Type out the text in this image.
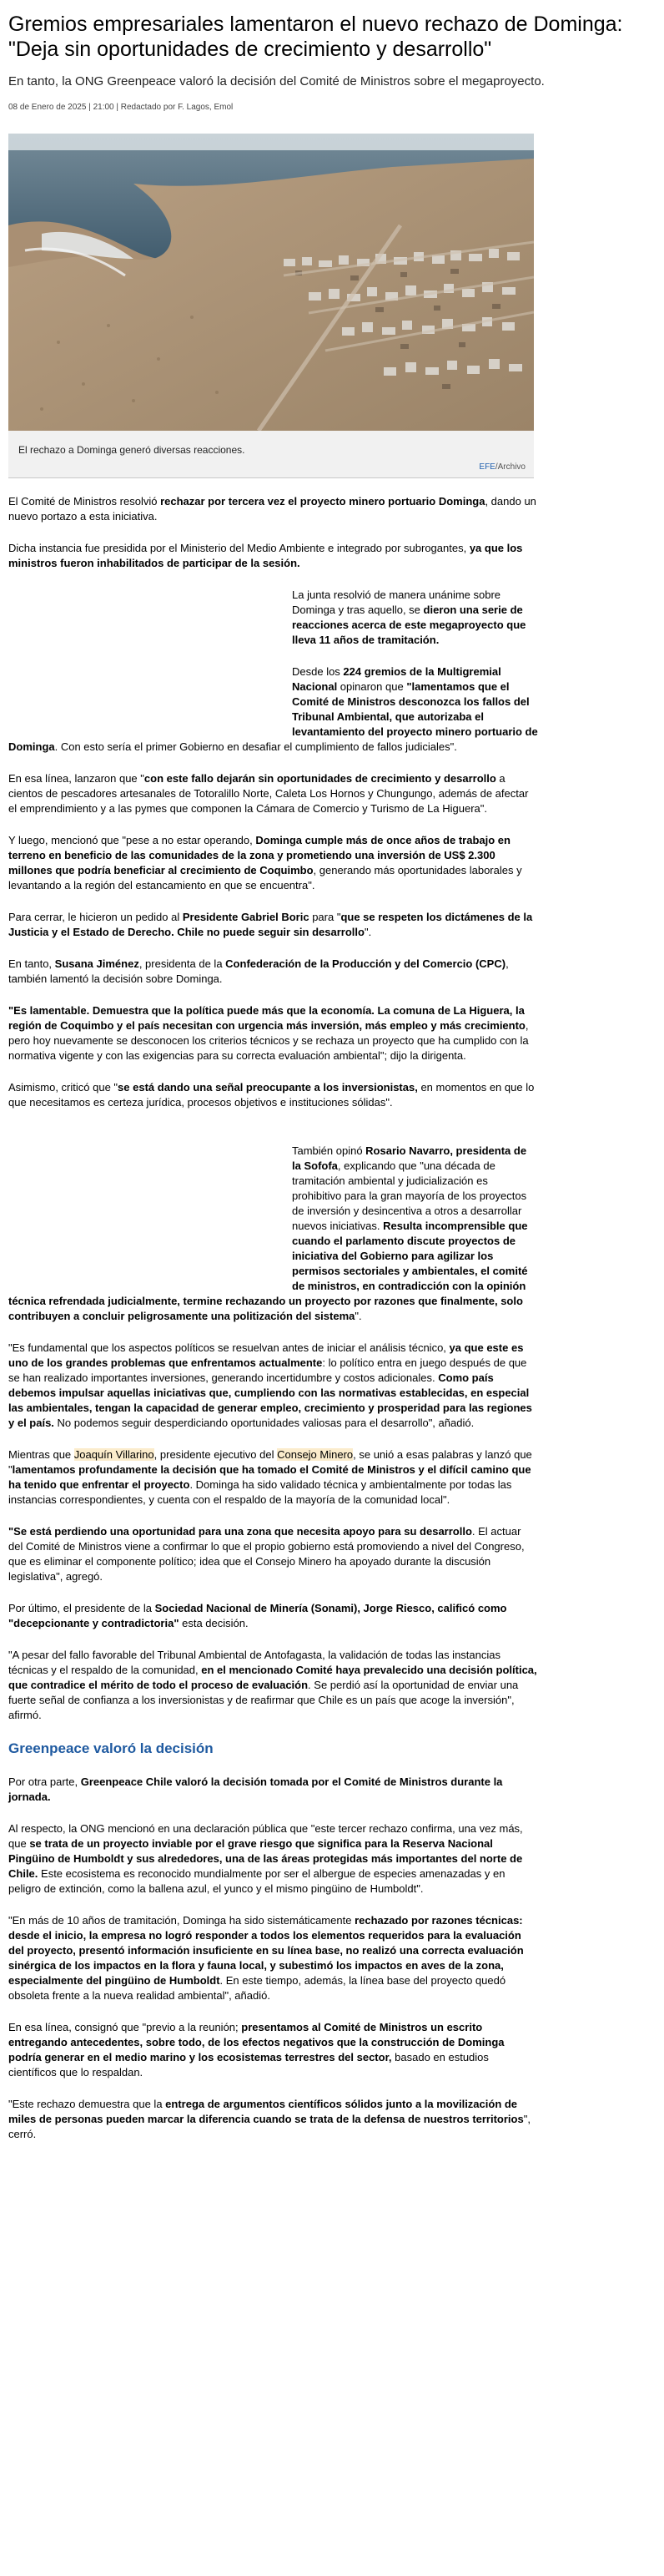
Gremios empresariales lamentaron el nuevo rechazo de Dominga: "Deja sin oportunidades de crecimiento y desarrollo"

En tanto, la ONG Greenpeace valoró la decisión del Comité de Ministros sobre el megaproyecto.

08 de Enero de 2025 | 21:00 | Redactado por F. Lagos, Emol
El rechazo a Dominga generó diversas reacciones.
EFE/Archivo

El Comité de Ministros resolvió rechazar por tercera vez el proyecto minero portuario Dominga, dando un nuevo portazo a esta iniciativa.

Dicha instancia fue presidida por el Ministerio del Medio Ambiente e integrado por subrogantes, ya que los ministros fueron inhabilitados de participar de la sesión.

La junta resolvió de manera unánime sobre Dominga y tras aquello, se dieron una serie de reacciones acerca de este megaproyecto que lleva 11 años de tramitación.

Desde los 224 gremios de la Multigremial Nacional opinaron que "lamentamos que el Comité de Ministros desconozca los fallos del Tribunal Ambiental, que autorizaba el levantamiento del proyecto minero portuario de Dominga. Con esto sería el primer Gobierno en desafiar el cumplimiento de fallos judiciales".

En esa línea, lanzaron que "con este fallo dejarán sin oportunidades de crecimiento y desarrollo a cientos de pescadores artesanales de Totoralillo Norte, Caleta Los Hornos y Chungungo, además de afectar el emprendimiento y a las pymes que componen la Cámara de Comercio y Turismo de La Higuera".

Y luego, mencionó que "pese a no estar operando, Dominga cumple más de once años de trabajo en terreno en beneficio de las comunidades de la zona y prometiendo una inversión de US$ 2.300 millones que podría beneficiar al crecimiento de Coquimbo, generando más oportunidades laborales y levantando a la región del estancamiento en que se encuentra".

Para cerrar, le hicieron un pedido al Presidente Gabriel Boric para "que se respeten los dictámenes de la Justicia y el Estado de Derecho. Chile no puede seguir sin desarrollo".

En tanto, Susana Jiménez, presidenta de la Confederación de la Producción y del Comercio (CPC), también lamentó la decisión sobre Dominga.

"Es lamentable. Demuestra que la política puede más que la economía. La comuna de La Higuera, la región de Coquimbo y el país necesitan con urgencia más inversión, más empleo y más crecimiento, pero hoy nuevamente se desconocen los criterios técnicos y se rechaza un proyecto que ha cumplido con la normativa vigente y con las exigencias para su correcta evaluación ambiental"; dijo la dirigenta.

Asimismo, criticó que "se está dando una señal preocupante a los inversionistas, en momentos en que lo que necesitamos es certeza jurídica, procesos objetivos e instituciones sólidas".

También opinó Rosario Navarro, presidenta de la Sofofa, explicando que "una década de tramitación ambiental y judicialización es prohibitivo para la gran mayoría de los proyectos de inversión y desincentiva a otros a desarrollar nuevos iniciativas. Resulta incomprensible que cuando el parlamento discute proyectos de iniciativa del Gobierno para agilizar los permisos sectoriales y ambientales, el comité de ministros, en contradicción con la opinión técnica refrendada judicialmente, termine rechazando un proyecto por razones que finalmente, solo contribuyen a concluir peligrosamente una politización del sistema".

"Es fundamental que los aspectos políticos se resuelvan antes de iniciar el análisis técnico, ya que este es uno de los grandes problemas que enfrentamos actualmente: lo político entra en juego después de que se han realizado importantes inversiones, generando incertidumbre y costos adicionales. Como país debemos impulsar aquellas iniciativas que, cumpliendo con las normativas establecidas, en especial las ambientales, tengan la capacidad de generar empleo, crecimiento y prosperidad para las regiones y el país. No podemos seguir desperdiciando oportunidades valiosas para el desarrollo", añadió.

Mientras que Joaquín Villarino, presidente ejecutivo del Consejo Minero, se unió a esas palabras y lanzó que "lamentamos profundamente la decisión que ha tomado el Comité de Ministros y el difícil camino que ha tenido que enfrentar el proyecto. Dominga ha sido validado técnica y ambientalmente por todas las instancias correspondientes, y cuenta con el respaldo de la mayoría de la comunidad local".

"Se está perdiendo una oportunidad para una zona que necesita apoyo para su desarrollo. El actuar del Comité de Ministros viene a confirmar lo que el propio gobierno está promoviendo a nivel del Congreso, que es eliminar el componente político; idea que el Consejo Minero ha apoyado durante la discusión legislativa", agregó.

Por último, el presidente de la Sociedad Nacional de Minería (Sonami), Jorge Riesco, calificó como "decepcionante y contradictoria" esta decisión.

"A pesar del fallo favorable del Tribunal Ambiental de Antofagasta, la validación de todas las instancias técnicas y el respaldo de la comunidad, en el mencionado Comité haya prevalecido una decisión política, que contradice el mérito de todo el proceso de evaluación. Se perdió así la oportunidad de enviar una fuerte señal de confianza a los inversionistas y de reafirmar que Chile es un país que acoge la inversión", afirmó.

Greenpeace valoró la decisión

Por otra parte, Greenpeace Chile valoró la decisión tomada por el Comité de Ministros durante la jornada.

Al respecto, la ONG mencionó en una declaración pública que "este tercer rechazo confirma, una vez más, que se trata de un proyecto inviable por el grave riesgo que significa para la Reserva Nacional Pingüino de Humboldt y sus alrededores, una de las áreas protegidas más importantes del norte de Chile. Este ecosistema es reconocido mundialmente por ser el albergue de especies amenazadas y en peligro de extinción, como la ballena azul, el yunco y el mismo pingüino de Humboldt".

"En más de 10 años de tramitación, Dominga ha sido sistemáticamente rechazado por razones técnicas: desde el inicio, la empresa no logró responder a todos los elementos requeridos para la evaluación del proyecto, presentó información insuficiente en su línea base, no realizó una correcta evaluación sinérgica de los impactos en la flora y fauna local, y subestimó los impactos en aves de la zona, especialmente del pingüino de Humboldt. En este tiempo, además, la línea base del proyecto quedó obsoleta frente a la nueva realidad ambiental", añadió.

En esa línea, consignó que "previo a la reunión; presentamos al Comité de Ministros un escrito entregando antecedentes, sobre todo, de los efectos negativos que la construcción de Dominga podría generar en el medio marino y los ecosistemas terrestres del sector, basado en estudios científicos que lo respaldan.

"Este rechazo demuestra que la entrega de argumentos científicos sólidos junto a la movilización de miles de personas pueden marcar la diferencia cuando se trata de la defensa de nuestros territorios", cerró.
